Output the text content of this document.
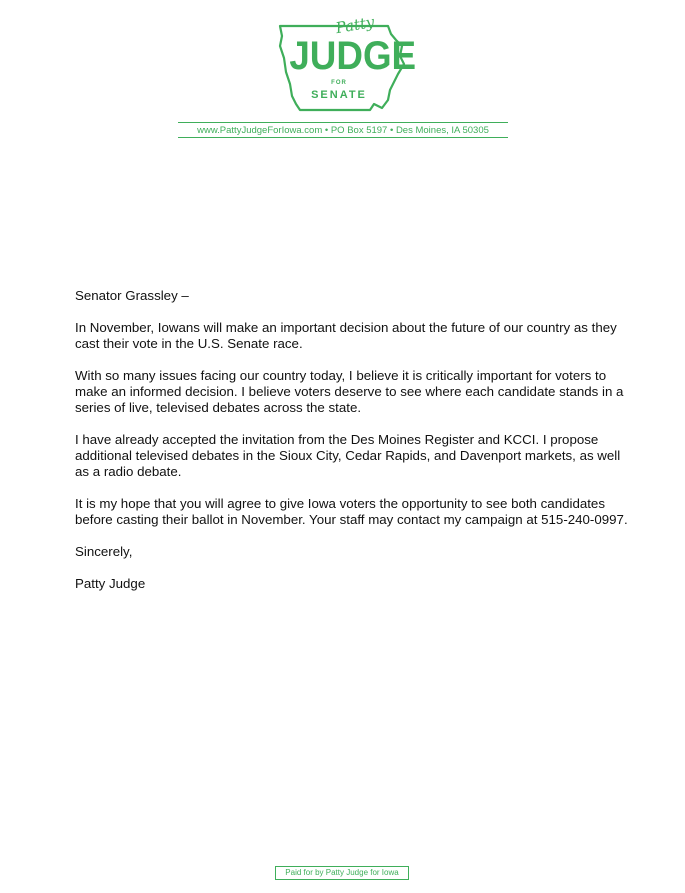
Patty
JUDGE
FOR
SENATE
www.PattyJudgeForIowa.com • PO Box 5197 • Des Moines, IA 50305

Senator Grassley –

In November, Iowans will make an important decision about the future of our country as they cast their vote in the U.S. Senate race.

With so many issues facing our country today, I believe it is critically important for voters to make an informed decision. I believe voters deserve to see where each candidate stands in a series of live, televised debates across the state.

I have already accepted the invitation from the Des Moines Register and KCCI. I propose additional televised debates in the Sioux City, Cedar Rapids, and Davenport markets, as well as a radio debate.

It is my hope that you will agree to give Iowa voters the opportunity to see both candidates before casting their ballot in November. Your staff may contact my campaign at 515-240-0997.

Sincerely,

Patty Judge

Paid for by Patty Judge for Iowa
